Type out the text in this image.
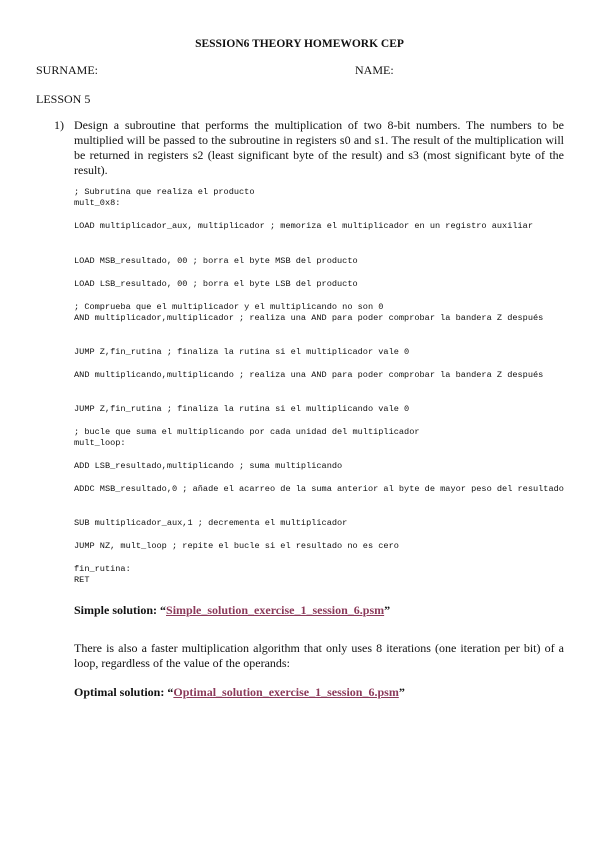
SESSION6 THEORY HOMEWORK CEP
SURNAME:	NAME:
LESSON 5
1) Design a subroutine that performs the multiplication of two 8-bit numbers. The numbers to be multiplied will be passed to the subroutine in registers s0 and s1. The result of the multiplication will be returned in registers s2 (least significant byte of the result) and s3 (most significant byte of the result).
; Subrutina que realiza el producto
mult_0x8:
LOAD multiplicador_aux, multiplicador ; memoriza el multiplicador en un registro auxiliar
LOAD MSB_resultado, 00 ; borra el byte MSB del producto
LOAD LSB_resultado, 00 ; borra el byte LSB del producto
; Comprueba que el multiplicador y el multiplicando no son 0
AND multiplicador,multiplicador ; realiza una AND para poder comprobar la bandera Z después
JUMP Z,fin_rutina ; finaliza la rutina si el multiplicador vale 0
AND multiplicando,multiplicando ; realiza una AND para poder comprobar la bandera Z después
JUMP Z,fin_rutina ; finaliza la rutina si el multiplicando vale 0
; bucle que suma el multiplicando por cada unidad del multiplicador
mult_loop:
ADD LSB_resultado,multiplicando ; suma multiplicando
ADDC MSB_resultado,0 ; añade el acarreo de la suma anterior al byte de mayor peso del resultado
SUB multiplicador_aux,1 ; decrementa el multiplicador
JUMP NZ, mult_loop ; repite el bucle si el resultado no es cero
fin_rutina:
RET
Simple solution: “Simple_solution_exercise_1_session_6.psm”
There is also a faster multiplication algorithm that only uses 8 iterations (one iteration per bit) of a loop, regardless of the value of the operands:
Optimal solution: “Optimal_solution_exercise_1_session_6.psm”
